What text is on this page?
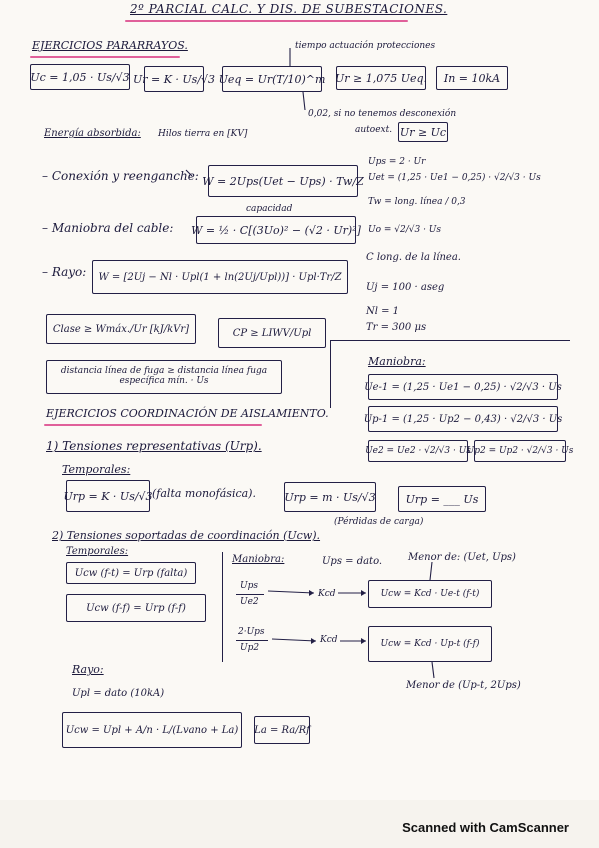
2º PARCIAL CALC. Y DIS. DE SUBESTACIONES.
EJERCICIOS PARARRAYOS.	tiempo actuación protecciones
Uc = 1,05 · Us/√3 Ur = K · Us/√3 Ueq = Ur(T/10)^m Ur ≥ 1,075 Ueq.	In = 10kA
0,02, si no tenemos desconexión
autoext. Ur ≥ Uc
Energía absorbida: Hilos tierra en [KV]
– Conexión y reenganche: W = 2Ups(Uet − Ups) · Tw/Z
Ups = 2 · Ur
Uet = (1,25 · Ue1 − 0,25) · √2/√3 · Us
Tw = long. línea / 0,3
Uo = √2/√3 · Us
– Maniobra del cable:
capacidad
W = ½ · C[(3Uo)² − (√2 · Ur)²]
– Rayo:	W = [2Uj − Nl · Upl(1 + ln(2Uj/Upl))] · Upl·Tr/Z
C long. de la línea.
Uj = 100 · aseg
Nl = 1
Tr = 300 μs
Clase ≥ Wmáx./Ur [kJ/kVr]	CP ≥ LIWV/Upl
distancia línea de fuga ≥ distancia línea fuga específica mín. · Us
Maniobra:
Ue-1 = (1,25 · Ue1 − 0,25) · √2/√3 · Us
Up-1 = (1,25 · Up2 − 0,43) · √2/√3 · Us
Ue2 = Ue2 · √2/√3 · Us
Up2 = Up2 · √2/√3 · Us
EJERCICIOS COORDINACIÓN DE AISLAMIENTO.
1) Tensiones representativas (Urp).
Temporales:
Urp = K · Us/√3 (falta monofásica).	Urp = m · Us/√3	Urp = ___ Us
(Pérdidas de carga)
2) Tensiones soportadas de coordinación (Ucw).
Temporales:
Ucw (f-t) = Urp (falta)
Ucw (f-f) = Urp (f-f)
Maniobra:	Ups = dato.	Menor de: (Uet, Ups)
Ups
Ue2
Kcd	Ucw = Kcd · Ue-t (f-t)
2·Ups
Up2
Kcd	Ucw = Kcd · Up-t (f-f)
Menor de (Up-t, 2Ups)
Rayo:
Upl = dato (10kA)
Ucw = Upl + A/n · L/(Lvano + La)	La = Ra/Rf
Scanned with CamScanner
